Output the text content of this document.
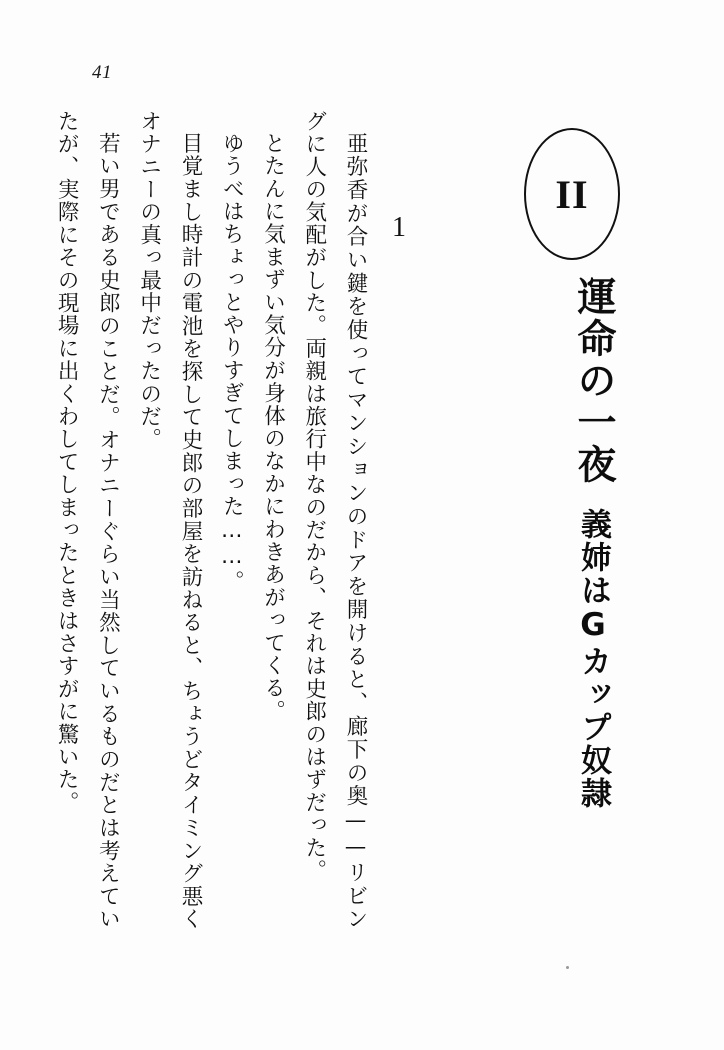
41
II
運命の一夜義姉はGカップ奴隷
1

亜弥香が合い鍵を使ってマンションのドアを開けると、廊下の奥——リビングに人の気配がした。両親は旅行中なのだから、それは史郎のはずだった。

とたんに気まずい気分が身体のなかにわきあがってくる。

ゆうべはちょっとやりすぎてしまった……。

目覚まし時計の電池を探して史郎の部屋を訪ねると、ちょうどタイミング悪くオナニーの真っ最中だったのだ。

若い男である史郎のことだ。オナニーぐらい当然しているものだとは考えていたが、実際にその現場に出くわしてしまったときはさすがに驚いた。
